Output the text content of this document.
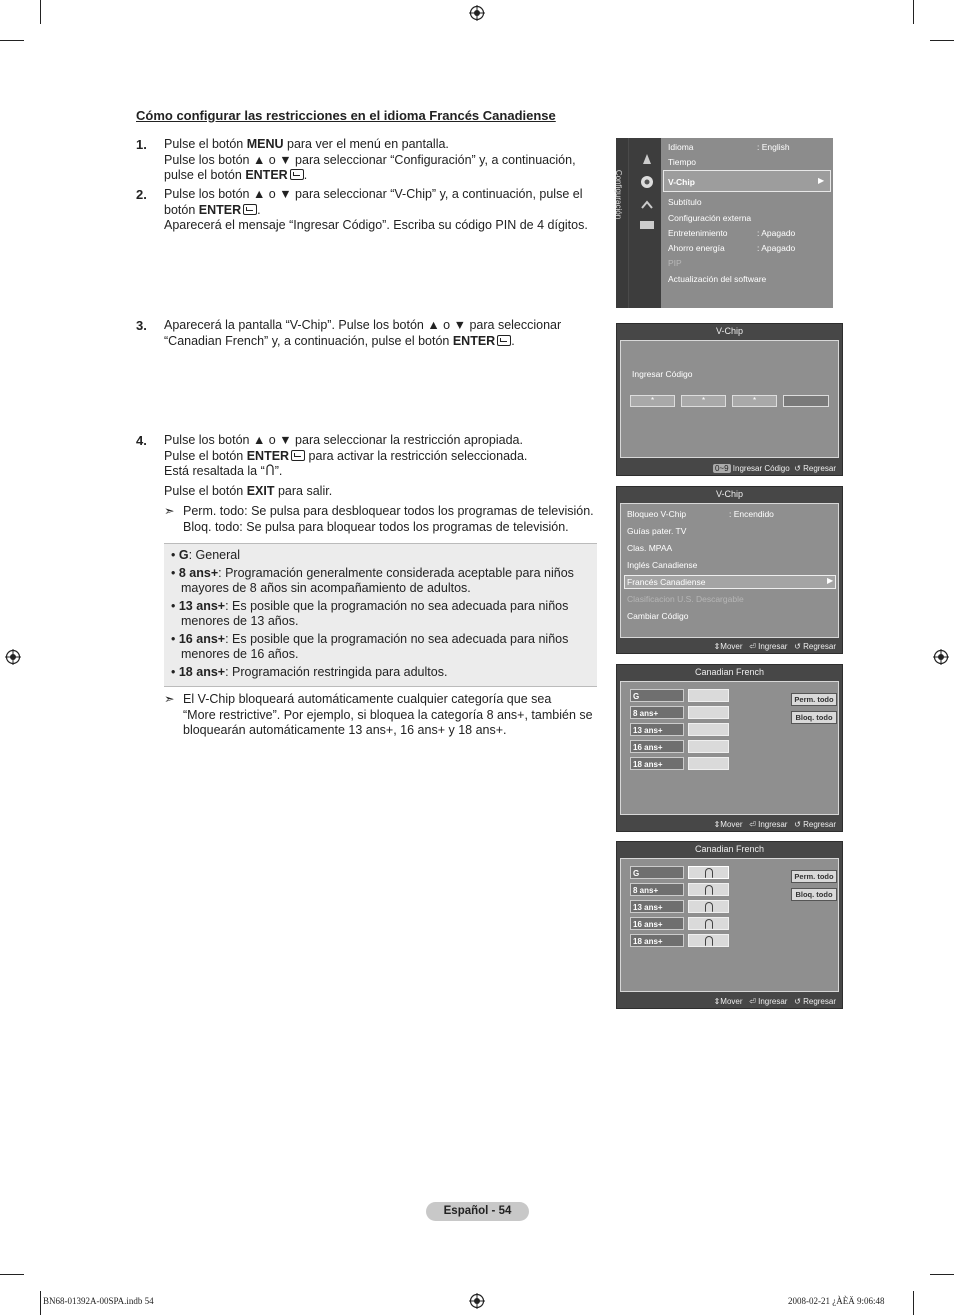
Cómo configurar las restricciones en el idioma Francés Canadiense
1. Pulse el botón MENU para ver el menú en pantalla.
Pulse los botón ▲ o ▼ para seleccionar “Configuración” y, a continuación,
pulse el botón ENTER .
2. Pulse los botón ▲ o ▼ para seleccionar “V-Chip” y, a continuación, pulse el
botón ENTER .
Aparecerá el mensaje “Ingresar Código”. Escriba su código PIN de 4 dígitos.
3. Aparecerá la pantalla “V-Chip”. Pulse los botón ▲ o ▼ para seleccionar
“Canadian French” y, a continuación, pulse el botón ENTER .
4. Pulse los botón ▲ o ▼ para seleccionar la restricción apropiada.
Pulse el botón ENTER para activar la restricción seleccionada.
Está resaltada la “ ”.
Pulse el botón EXIT para salir.
➣ Perm. todo: Se pulsa para desbloquear todos los programas de televisión.
Bloq. todo: Se pulsa para bloquear todos los programas de televisión.
• G: General
• 8 ans+: Programación generalmente considerada aceptable para niños
mayores de 8 años sin acompañamiento de adultos.
• 13 ans+: Es posible que la programación no sea adecuada para niños
menores de 13 años.
• 16 ans+: Es posible que la programación no sea adecuada para niños
menores de 16 años.
• 18 ans+: Programación restringida para adultos.
➣ El V-Chip bloqueará automáticamente cualquier categoría que sea
“More restrictive”. Por ejemplo, si bloquea la categoría 8 ans+, también se
bloquearán automáticamente 13 ans+, 16 ans+ y 18 ans+.
Configuración
Idioma	: English
Tiempo
V-Chip	▶
Subtítulo
Configuración externa
Entretenimiento	: Apagado
Ahorro energía	: Apagado
PIP
Actualización del software
V-Chip
Ingresar Código
*	*	*
0~9 Ingresar Código ↺ Regresar
V-Chip
Bloqueo V-Chip	: Encendido
Guías pater. TV
Clas. MPAA
Inglés Canadiense
Francés Canadiense	▶
Clasificacion U.S. Descargable
Cambiar Código
⇕Mover ⏎ Ingresar ↺ Regresar
Canadian French
G
8 ans+
13 ans+
16 ans+
18 ans+
Perm. todo
Bloq. todo
⇕Mover ⏎ Ingresar ↺ Regresar
Canadian French
G
8 ans+
13 ans+
16 ans+
18 ans+
Perm. todo
Bloq. todo
⇕Mover ⏎ Ingresar ↺ Regresar
Español - 54
BN68-01392A-00SPA.indb 54	2008-02-21 ¿ÀÈÄ 9:06:48
